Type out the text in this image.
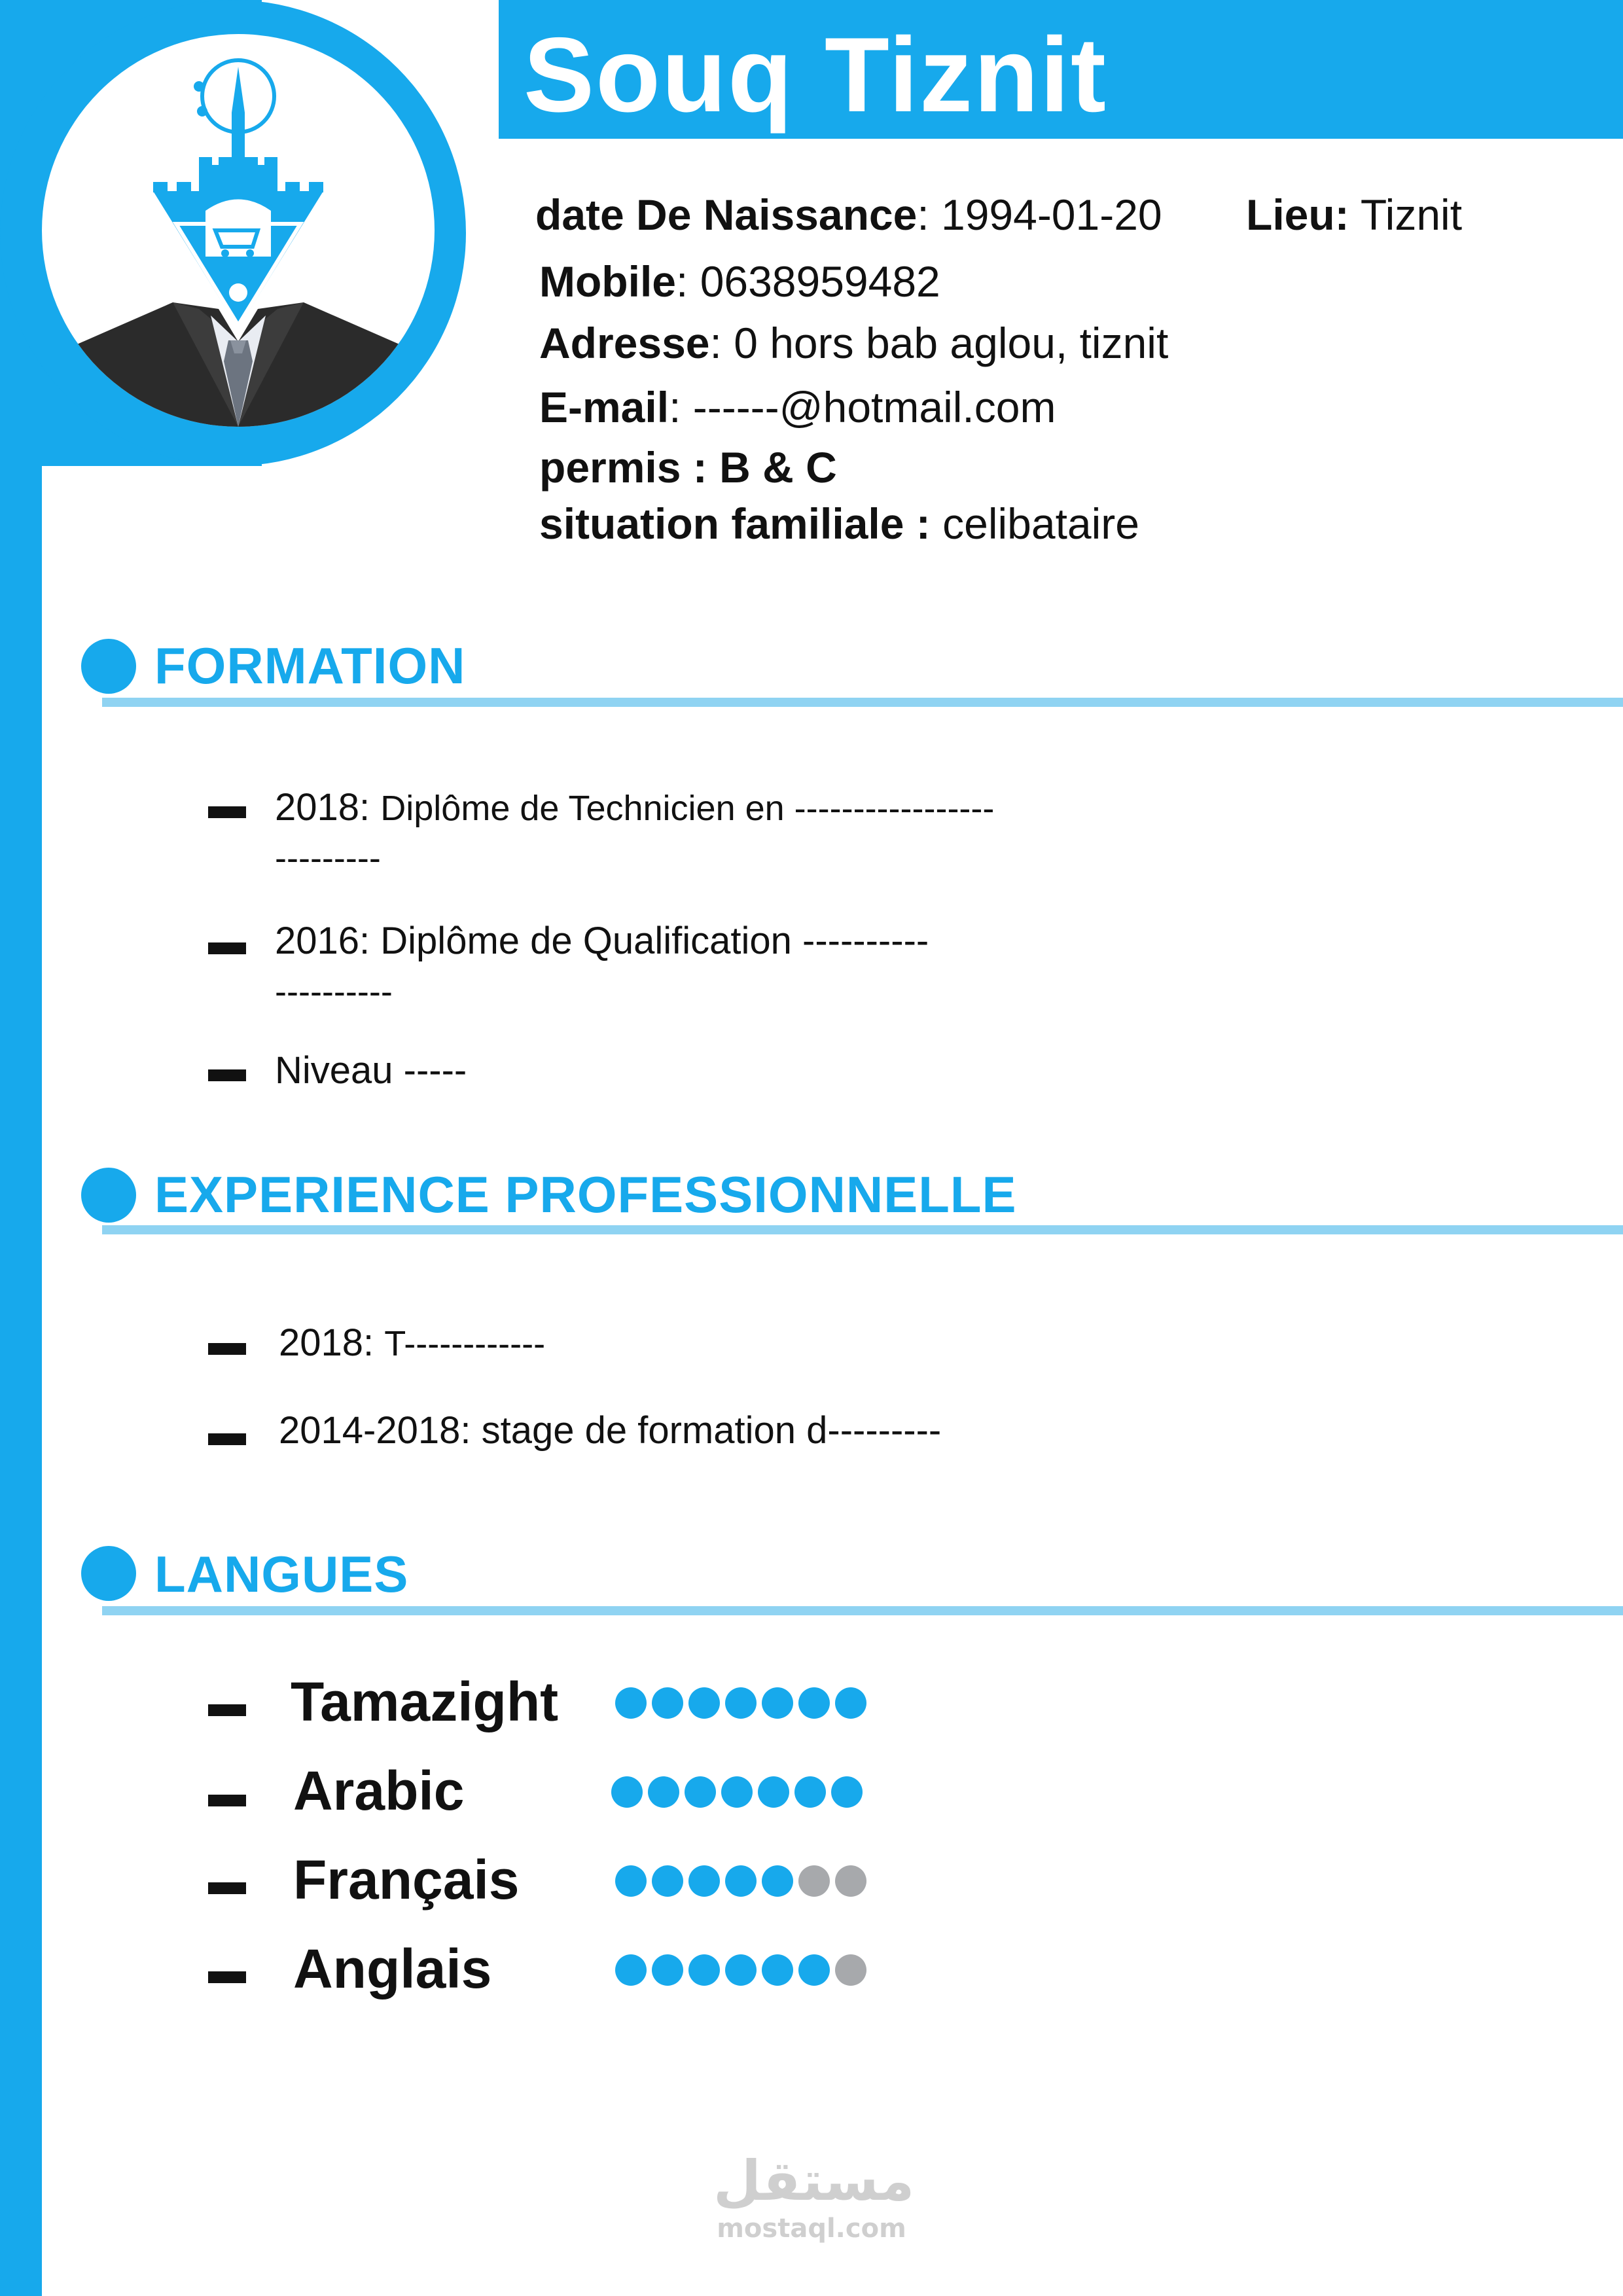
Souq Tiznit
date De Naissance: 1994-01-20 Lieu: Tiznit
Mobile: 0638959482
Adresse: 0 hors bab aglou, tiznit
E-mail: ------@hotmail.com
permis : B & C
situation familiale : celibataire
FORMATION
2018: Diplôme de Technicien en -----------------
---------
2016: Diplôme de Qualification ----------
----------
Niveau -----
EXPERIENCE PROFESSIONNELLE
2018: T------------
2014-2018: stage de formation d---------
LANGUES
Tamazight
Arabic
Français
Anglais
مستقل
mostaql.com
